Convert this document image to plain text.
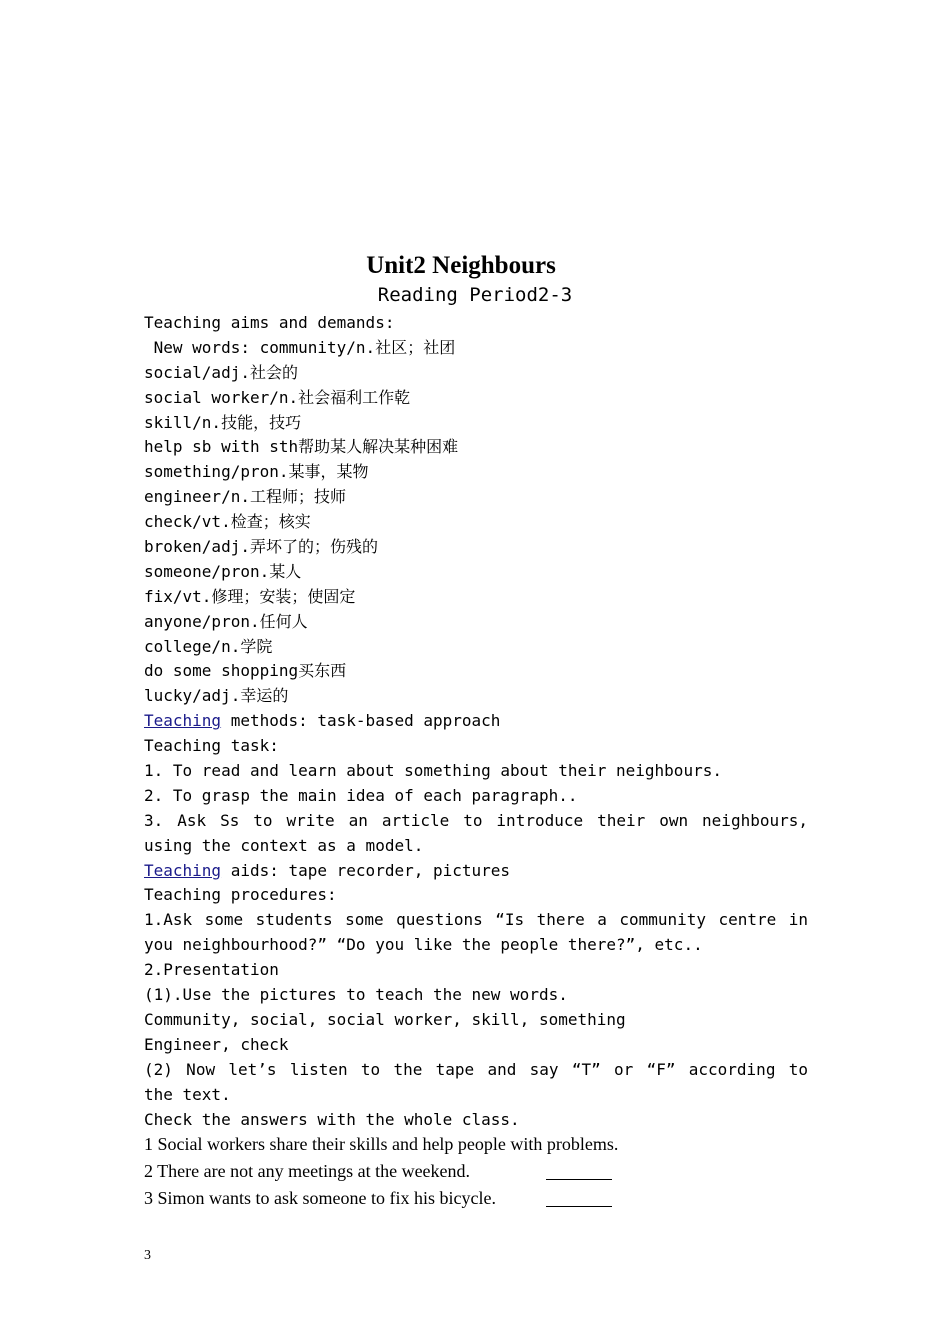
Unit2 Neighbours
Reading Period2-3
Teaching aims and demands:
New words: community/n.社区；社团
social/adj.社会的
social worker/n.社会福利工作乾
skill/n.技能，技巧
help sb with sth帮助某人解决某种困难
something/pron.某事，某物
engineer/n.工程师；技师
check/vt.检查；核实
broken/adj.弄坏了的；伤残的
someone/pron.某人
fix/vt.修理；安装；使固定
anyone/pron.任何人
college/n.学院
do some shopping买东西
lucky/adj.幸运的
Teaching methods: task-based approach
Teaching task:
1. To read and learn about something about their neighbours.
2. To grasp the main idea of each paragraph..
3. Ask Ss to write an article to introduce their own neighbours,
using the context as a model.
Teaching aids: tape recorder, pictures
Teaching procedures:
1.Ask some students some questions “Is there a community centre in
you neighbourhood?” “Do you like the people there?”, etc..
2.Presentation
(1).Use the pictures to teach the new words.
Community, social, social worker, skill, something
Engineer, check
(2) Now let’s listen to the tape and say “T” or “F” according to
the text.
Check the answers with the whole class.
1 Social workers share their skills and help people with problems.
2 There are not any meetings at the weekend.
3 Simon wants to ask someone to fix his bicycle.
3
